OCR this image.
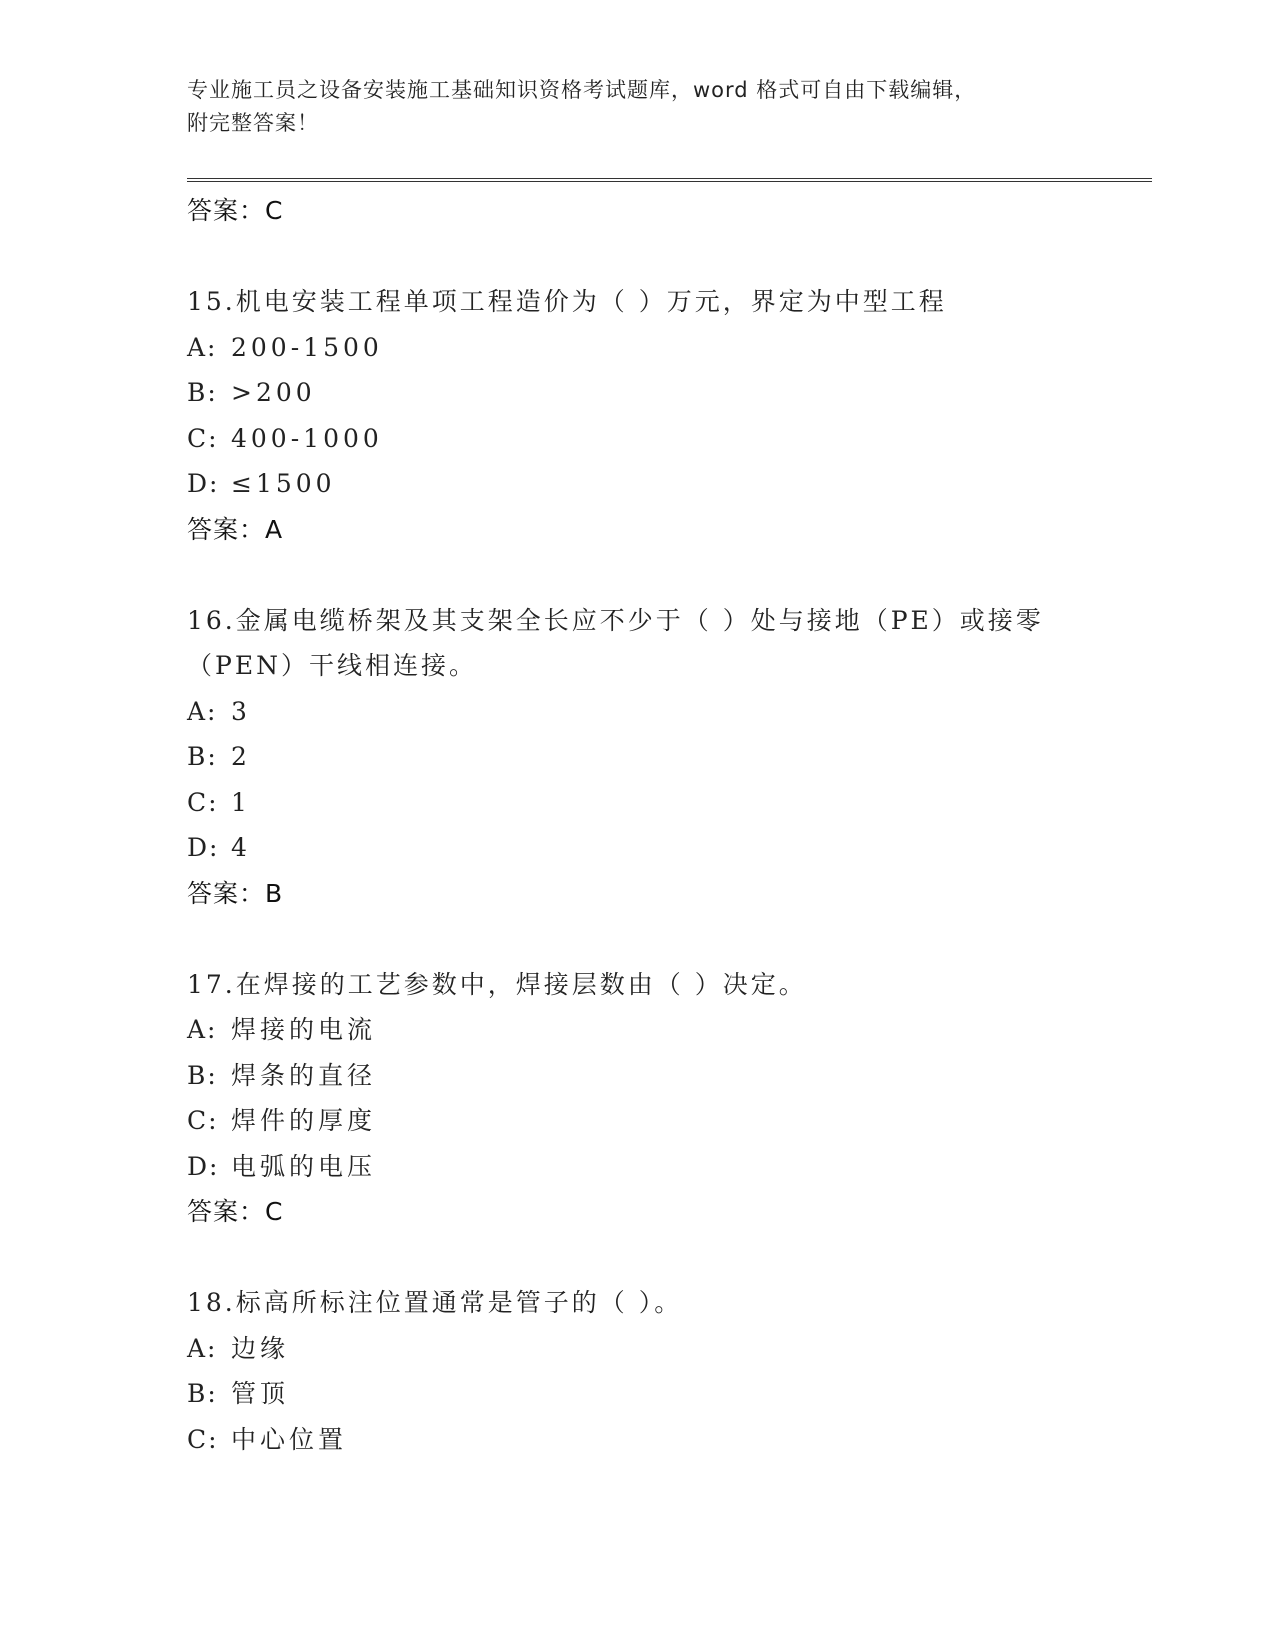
专业施工员之设备安装施工基础知识资格考试题库，word 格式可自由下载编辑，
附完整答案！
答案：C
15.机电安装工程单项工程造价为（ ）万元，界定为中型工程
A: 200-1500
B: >200
C: 400-1000
D: ≤1500
答案：A
16.金属电缆桥架及其支架全长应不少于（ ）处与接地（PE）或接零
（PEN）干线相连接。
A: 3
B: 2
C: 1
D: 4
答案：B
17.在焊接的工艺参数中，焊接层数由（ ）决定。
A: 焊接的电流
B: 焊条的直径
C: 焊件的厚度
D: 电弧的电压
答案：C
18.标高所标注位置通常是管子的（ ）。
A: 边缘
B: 管顶
C: 中心位置
